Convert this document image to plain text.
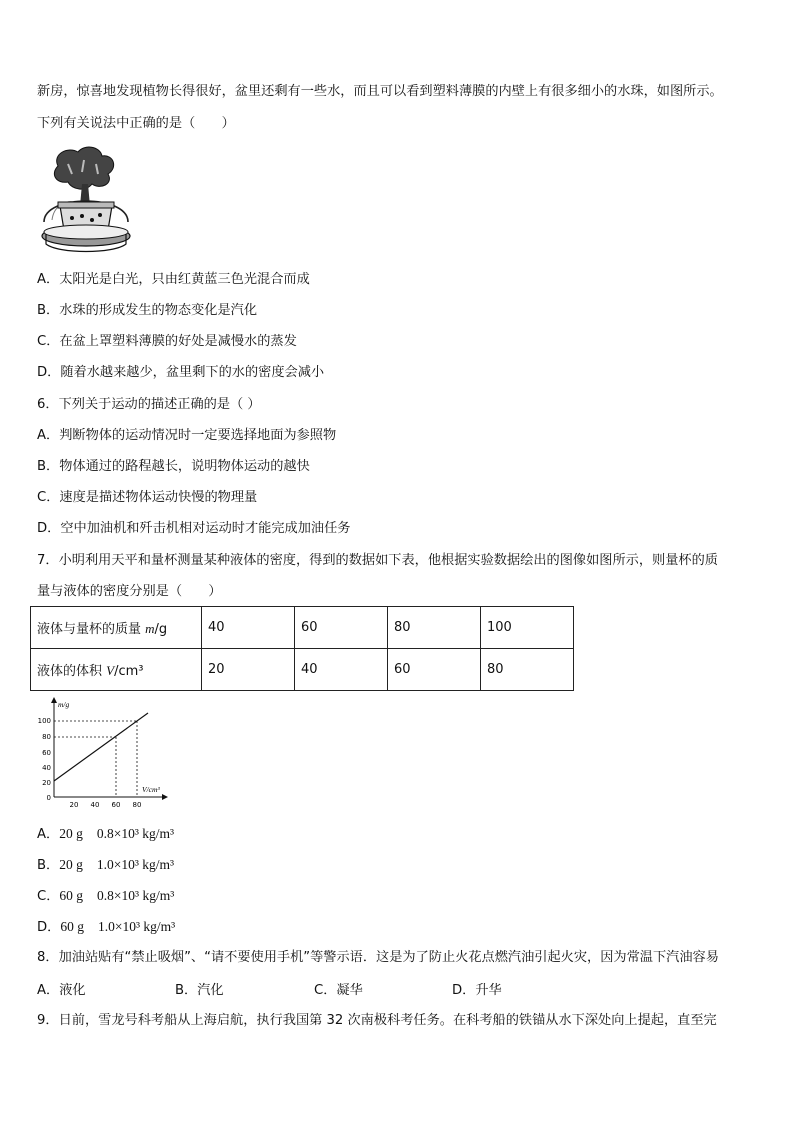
新房，惊喜地发现植物长得很好，盆里还剩有一些水，而且可以看到塑料薄膜的内壁上有很多细小的水珠，如图所示。
下列有关说法中正确的是（　　）
A．太阳光是白光，只由红黄蓝三色光混合而成
B．水珠的形成发生的物态变化是汽化
C．在盆上罩塑料薄膜的好处是减慢水的蒸发
D．随着水越来越少，盆里剩下的水的密度会减小
6．下列关于运动的描述正确的是（ ）
A．判断物体的运动情况时一定要选择地面为参照物
B．物体通过的路程越长，说明物体运动的越快
C．速度是描述物体运动快慢的物理量
D．空中加油机和歼击机相对运动时才能完成加油任务
7．小明利用天平和量杯测量某种液体的密度，得到的数据如下表，他根据实验数据绘出的图像如图所示，则量杯的质
量与液体的密度分别是（　　）
液体与量杯的质量 m/g	40	60	80	100
液体的体积 V/cm³	20	40	60	80
m/g
V/cm³
100
80
60
40
20
0
20 40 60 80
A．20 g 0.8×10³ kg/m³
B．20 g 1.0×10³ kg/m³
C．60 g 0.8×10³ kg/m³
D．60 g 1.0×10³ kg/m³
8．加油站贴有“禁止吸烟”、“请不要使用手机”等警示语．这是为了防止火花点燃汽油引起火灾，因为常温下汽油容易
A．液化	B．汽化	C．凝华	D．升华
9．日前，雪龙号科考船从上海启航，执行我国第 32 次南极科考任务。在科考船的铁锚从水下深处向上提起，直至完
